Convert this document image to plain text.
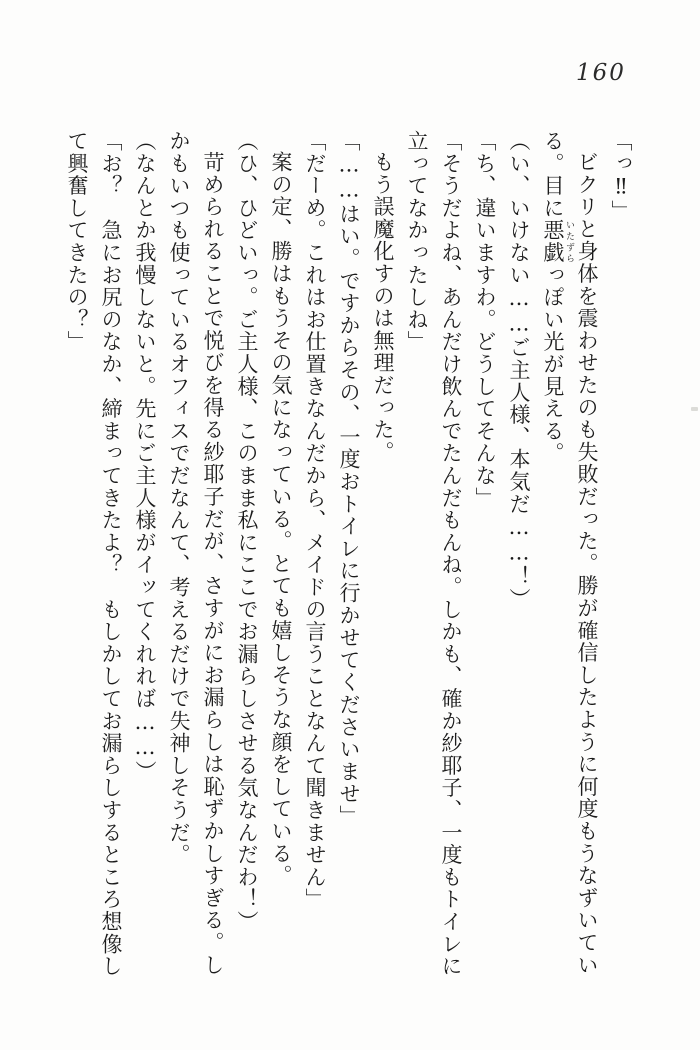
160

「っ‼」

ビクリと身体を震わせたのも失敗だった。勝が確信したように何度もうなずいている。目に悪戯 いたずらっぽい光が見える。

（い、いけない……ご主人様、本気だ……！）

「ち、違いますわ。どうしてそんな」

「そうだよね、あんだけ飲んでたんだもんね。しかも、確か紗耶子、一度もトイレに立ってなかったしね」

もう誤魔化すのは無理だった。

「……はい。ですからその、一度おトイレに行かせてくださいませ」

「だーめ。これはお仕置きなんだから、メイドの言うことなんて聞きません」

案の定、勝はもうその気になっている。とても嬉しそうな顔をしている。

（ひ、ひどいっ。ご主人様、このまま私にここでお漏らしさせる気なんだわ！）

苛められることで悦びを得る紗耶子だが、さすがにお漏らしは恥ずかしすぎる。しかもいつも使っているオフィスでだなんて、考えるだけで失神しそうだ。

（なんとか我慢しないと。先にご主人様がイッてくれれば……）

「お？　急にお尻のなか、締まってきたよ？　もしかしてお漏らしするところ想像して興奮してきたの？」
